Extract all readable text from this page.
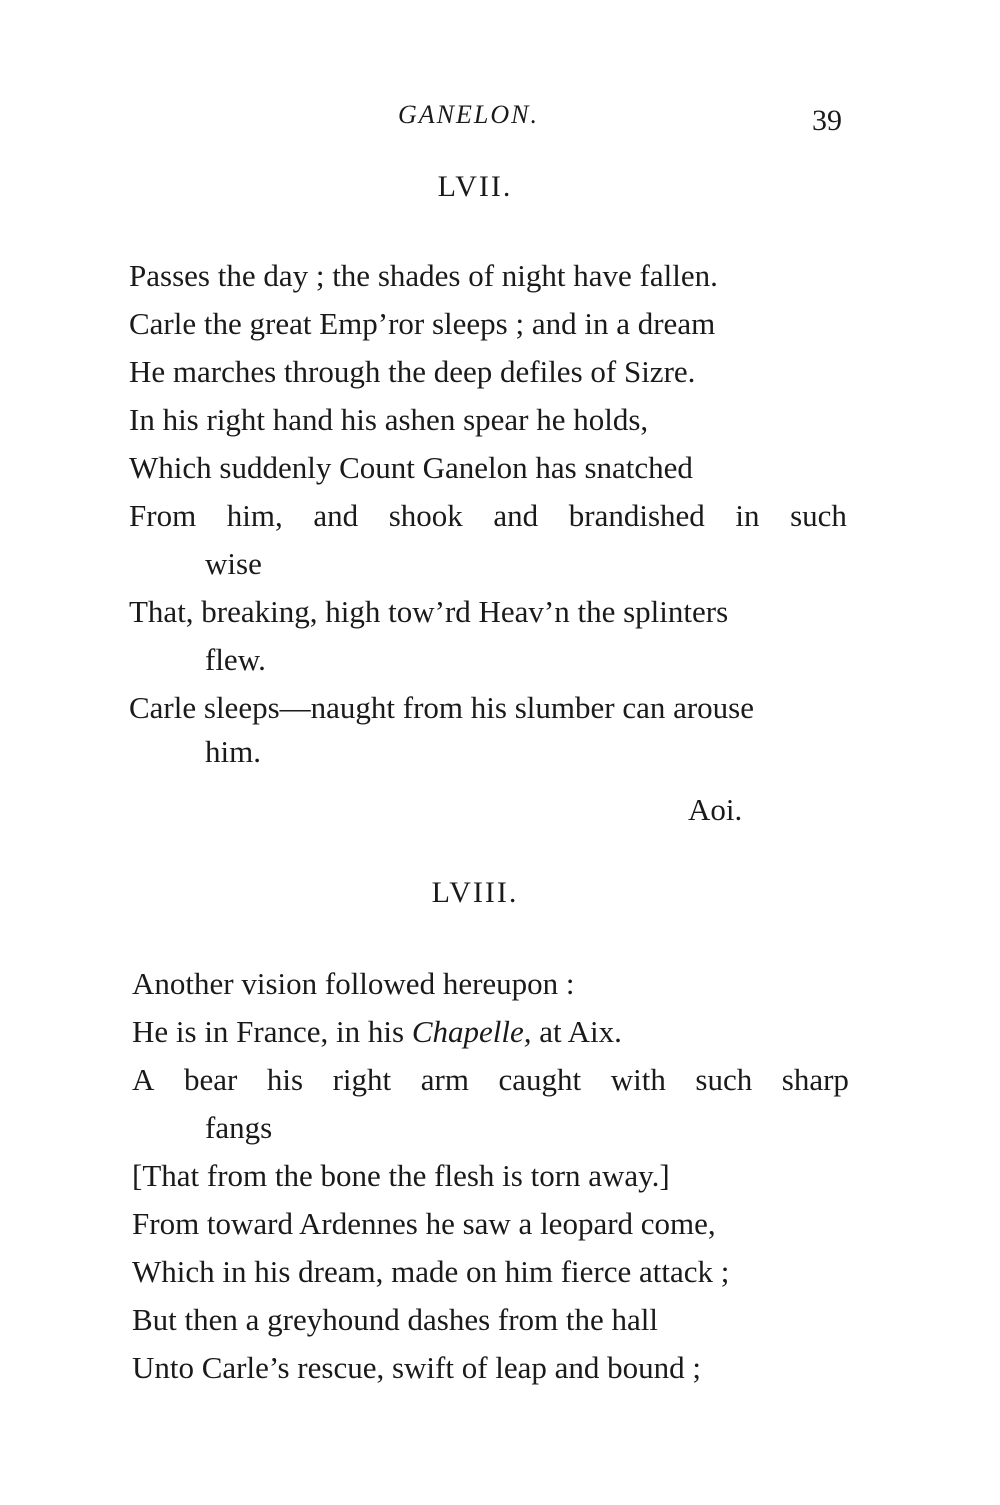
GANELON.	39
LVII.
Passes the day ; the shades of night have fallen.
Carle the great Emp’ror sleeps ; and in a dream
He marches through the deep defiles of Sizre.
In his right hand his ashen spear he holds,
Which suddenly Count Ganelon has snatched
From him, and shook and brandished in such
wise
That, breaking, high tow’rd Heav’n the splinters
flew.
Carle sleeps—naught from his slumber can arouse
him.
Aoi.
LVIII.
Another vision followed hereupon :
He is in France, in his Chapelle, at Aix.
A bear his right arm caught with such sharp
fangs
[That from the bone the flesh is torn away.]
From toward Ardennes he saw a leopard come,
Which in his dream, made on him fierce attack ;
But then a greyhound dashes from the hall
Unto Carle’s rescue, swift of leap and bound ;
